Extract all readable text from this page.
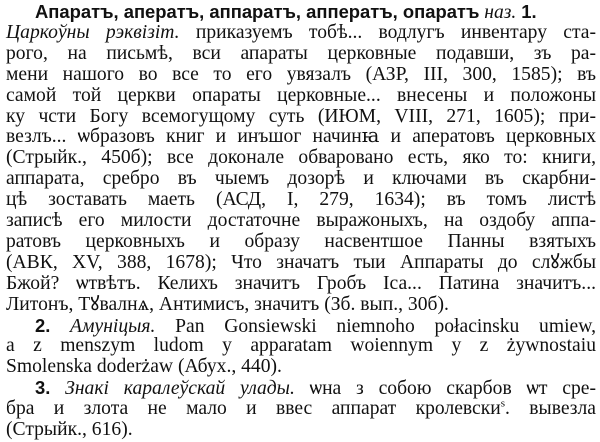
Апаратъ, аператъ, аппаратъ, апператъ, опаратъ наз. 1.
Царкоўны рэквізіт. приказуемъ тобѣ... водлугъ инвентару ста-
рого, на письмѣ, вси апараты церковные подавши, зъ ра-
мени нашого во все то его увязалъ (АЗР, III, 300, 1585); въ
самой той церкви опараты церковные... внесены и положоны
ку чсти Богу всемогущому суть (ИЮМ, VIII, 271, 1605); при-
везлъ... ѡбразовъ книг и инъшог начинꙗ и аператовъ церковных
(Стрыйк., 450б); все доконале обварованo есть, яко то: книги,
аппарата, сребро въ чыемъ дозорѣ и ключами въ скарбни-
цѣ зоставать маеть (АСД, I, 279, 1634); въ томъ листѣ
записѣ его милости достаточне выражоныхъ, на оздобу аппа-
ратовъ церковныхъ и образу насвентшое Панны взятыхъ
(АВК, XV, 388, 1678); Что значатъ тыи Аппараты до слꙋжбы
Бжой? ѡтвѣтъ. Келихъ значитъ Гробъ Іса... Патина значитъ...
Литонъ, Тꙋвалнѧ, Антимисъ, значитъ (Зб. вып., 30б).
2. Амуніцыя. Pan Gonsiewski niemnoho połacinsku umiew,
a z menszym ludom y apparatam woiennym y z żywnostaiu
Smolenska doderżaw (Абух., 440).
3. Знакі каралеўскай улады. ѡна з собою скарбов ѡт сре-
бра и злота не мало и ввес аппарат кролевски$^s$. вывезла
(Стрыйк., 616).
